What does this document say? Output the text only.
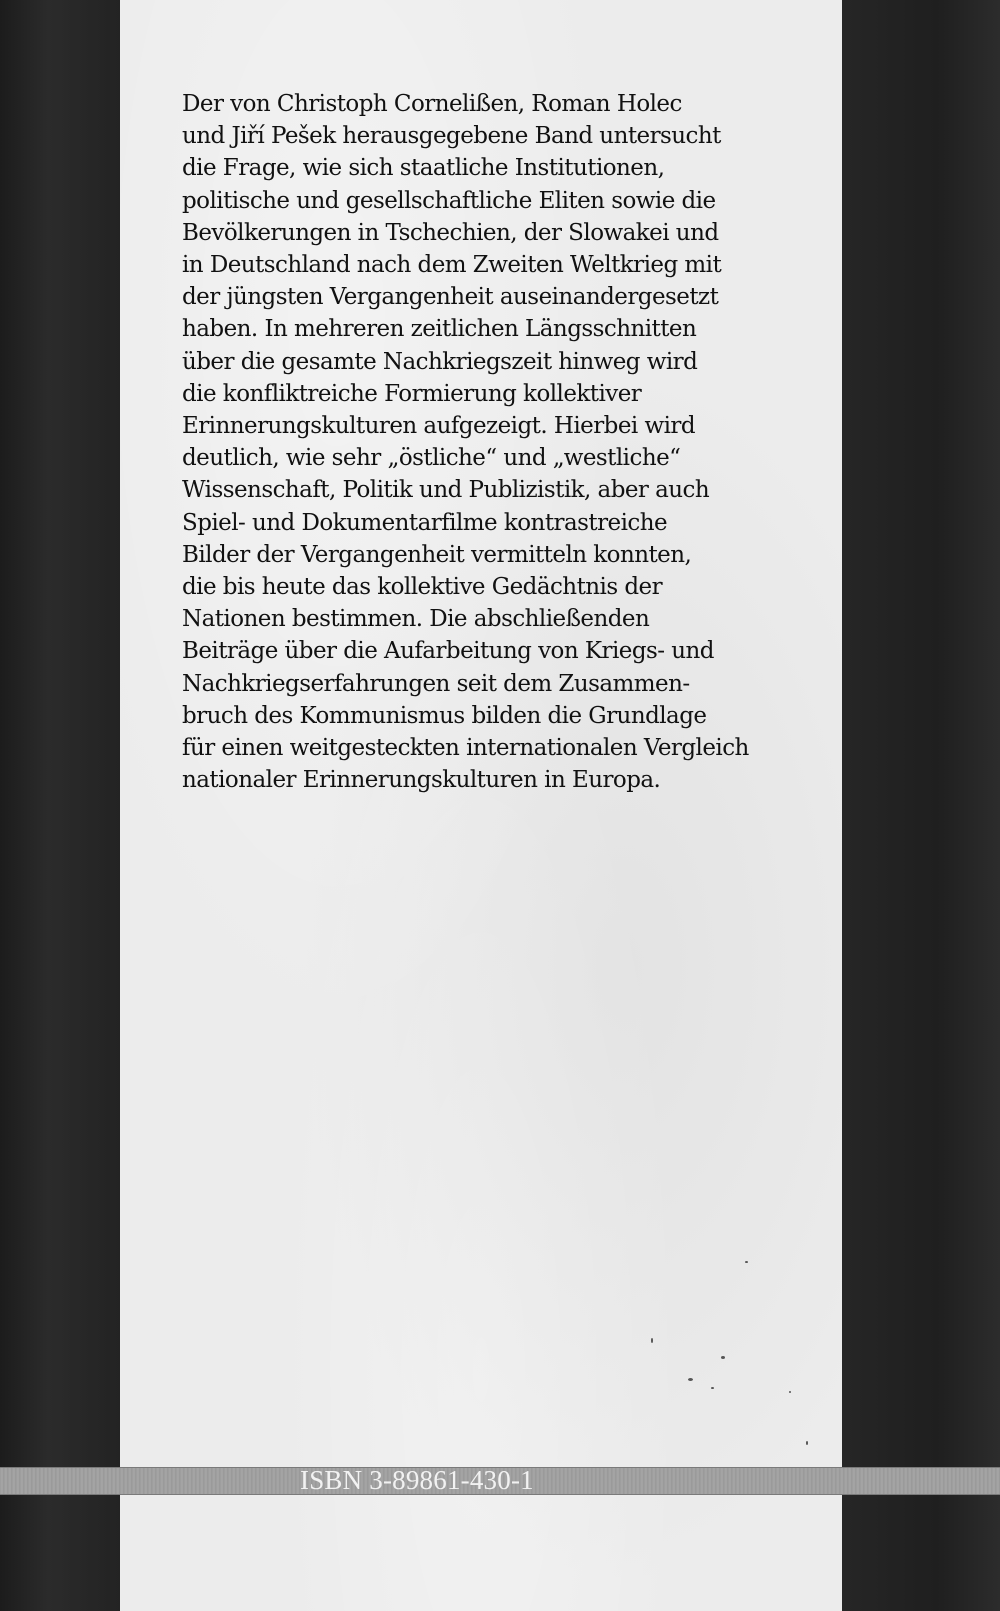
Der von Christoph Cornelißen, Roman Holec
und Jiří Pešek herausgegebene Band untersucht
die Frage, wie sich staatliche Institutionen,
politische und gesellschaftliche Eliten sowie die
Bevölkerungen in Tschechien, der Slowakei und
in Deutschland nach dem Zweiten Weltkrieg mit
der jüngsten Vergangenheit auseinandergesetzt
haben. In mehreren zeitlichen Längsschnitten
über die gesamte Nachkriegszeit hinweg wird
die konfliktreiche Formierung kollektiver
Erinnerungskulturen aufgezeigt. Hierbei wird
deutlich, wie sehr „östliche“ und „westliche“
Wissenschaft, Politik und Publizistik, aber auch
Spiel- und Dokumentarfilme kontrastreiche
Bilder der Vergangenheit vermitteln konnten,
die bis heute das kollektive Gedächtnis der
Nationen bestimmen. Die abschließenden
Beiträge über die Aufarbeitung von Kriegs- und
Nachkriegserfahrungen seit dem Zusammen-
bruch des Kommunismus bilden die Grundlage
für einen weitgesteckten internationalen Vergleich
nationaler Erinnerungskulturen in Europa.

ISBN 3-89861-430-1
